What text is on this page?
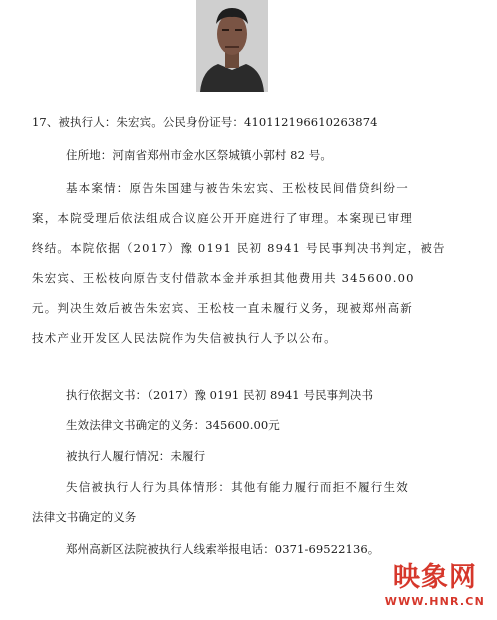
17、被执行人：朱宏宾。公民身份证号：410112196610263874
住所地：河南省郑州市金水区祭城镇小郭村 82 号。
基本案情：原告朱国建与被告朱宏宾、王松枝民间借贷纠纷一
案，本院受理后依法组成合议庭公开开庭进行了审理。本案现已审理
终结。本院依据（2017）豫 0191 民初 8941 号民事判决书判定，被告
朱宏宾、王松枝向原告支付借款本金并承担其他费用共 345600.00
元。判决生效后被告朱宏宾、王松枝一直未履行义务，现被郑州高新
技术产业开发区人民法院作为失信被执行人予以公布。
执行依据文书：（2017）豫 0191 民初 8941 号民事判决书
生效法律文书确定的义务：345600.00元
被执行人履行情况：未履行
失信被执行人行为具体情形：其他有能力履行而拒不履行生效
法律文书确定的义务
郑州高新区法院被执行人线索举报电话：0371-69522136。
映象网
WWW.HNR.CN
